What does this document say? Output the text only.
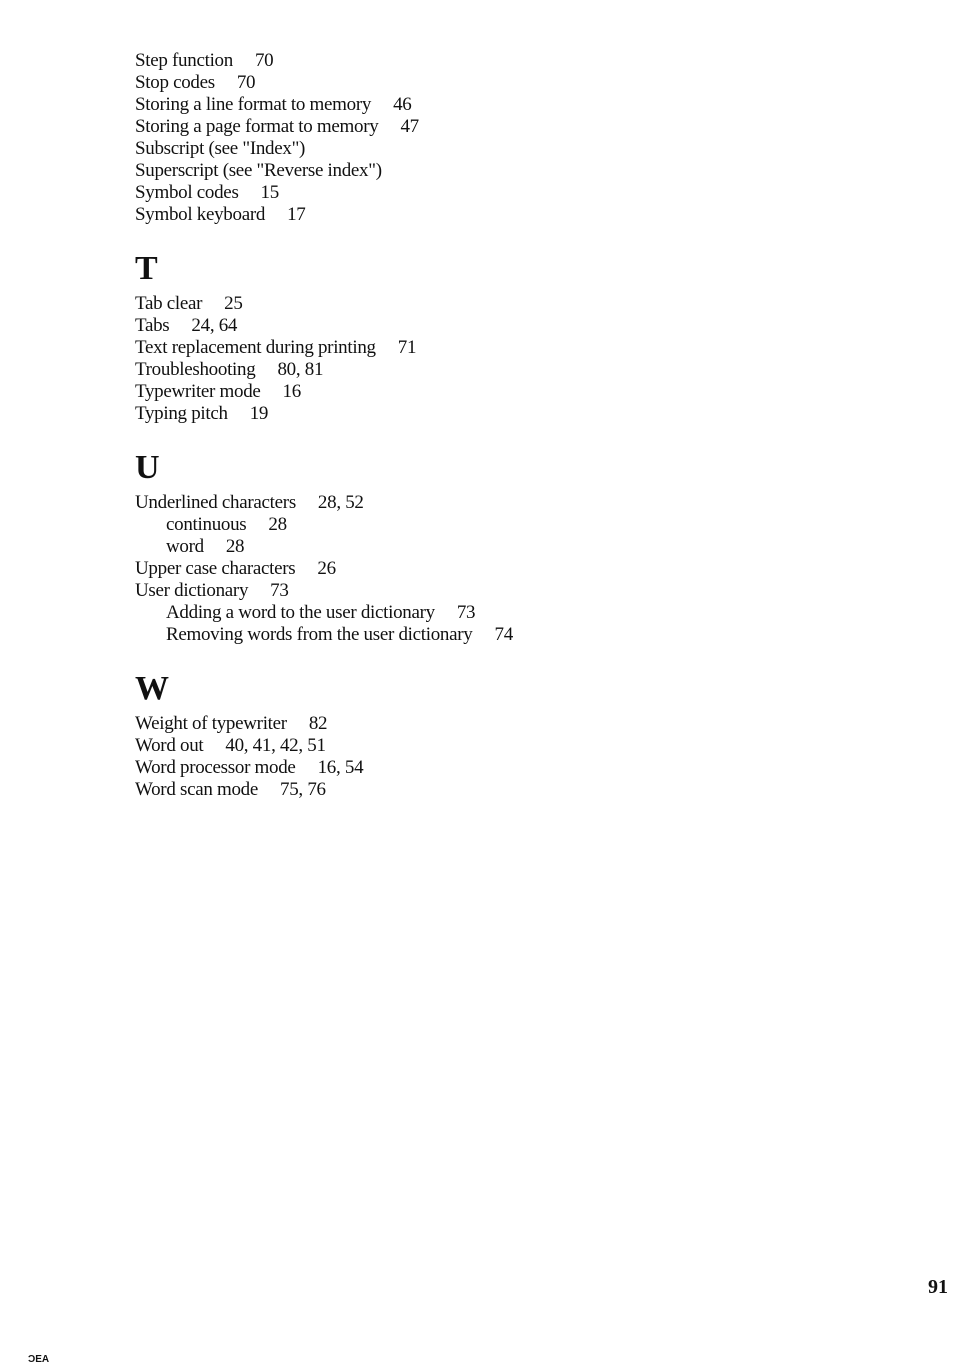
Step function 70
Stop codes 70
Storing a line format to memory 46
Storing a page format to memory 47
Subscript (see "Index")
Superscript (see "Reverse index")
Symbol codes 15
Symbol keyboard 17
T
Tab clear 25
Tabs 24, 64
Text replacement during printing 71
Troubleshooting 80, 81
Typewriter mode 16
Typing pitch 19
U
Underlined characters 28, 52
continuous 28
word 28
Upper case characters 26
User dictionary 73
Adding a word to the user dictionary 73
Removing words from the user dictionary 74
W
Weight of typewriter 82
Word out 40, 41, 42, 51
Word processor mode 16, 54
Word scan mode 75, 76
91
ƆEA
